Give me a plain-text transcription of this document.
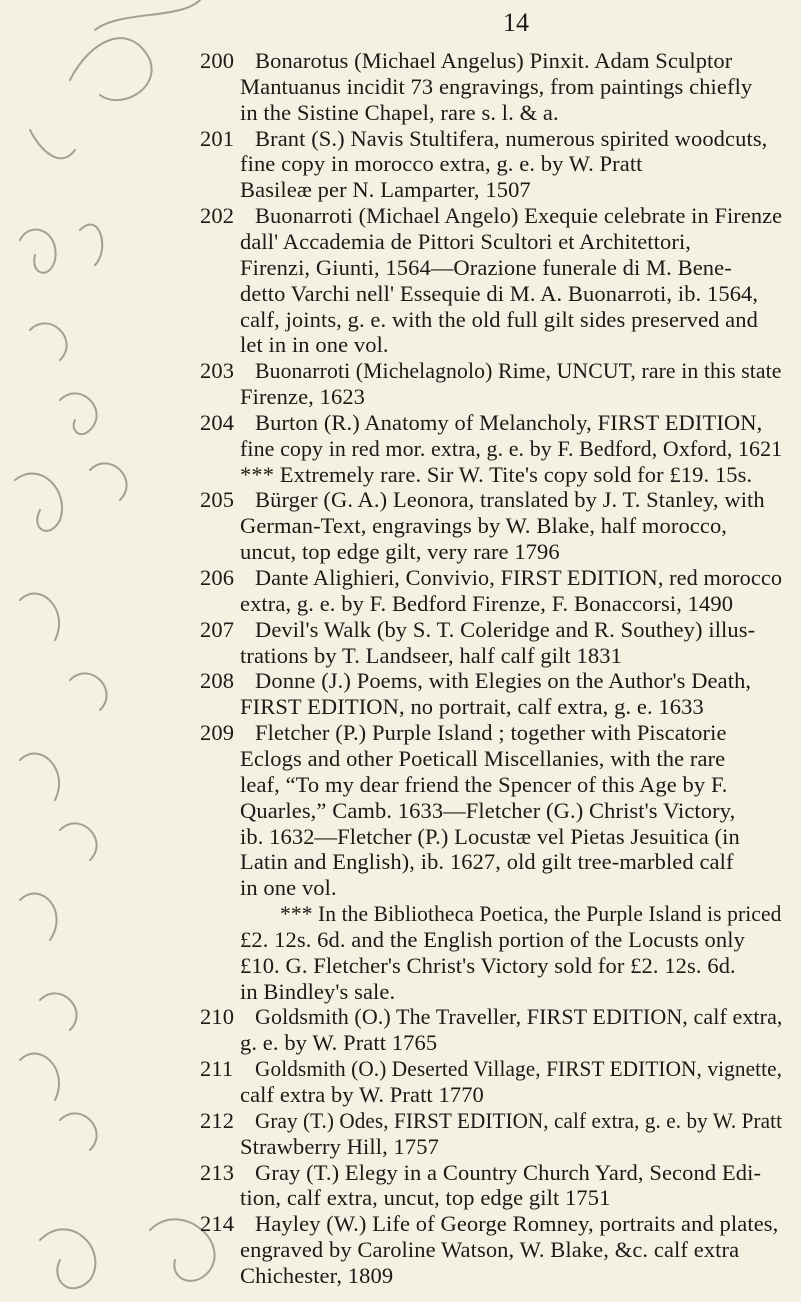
14
200 Bonarotus (Michael Angelus) Pinxit. Adam Sculptor
Mantuanus incidit 73 engravings, from paintings chiefly
in the Sistine Chapel, rare s. l. & a.
201 Brant (S.) Navis Stultifera, numerous spirited woodcuts,
fine copy in morocco extra, g. e. by W. Pratt
Basileæ per N. Lamparter, 1507
202 Buonarroti (Michael Angelo) Exequie celebrate in Firenze
dall' Accademia de Pittori Scultori et Architettori,
Firenzi, Giunti, 1564—Orazione funerale di M. Bene-
detto Varchi nell' Essequie di M. A. Buonarroti, ib. 1564,
calf, joints, g. e. with the old full gilt sides preserved and
let in in one vol.
203 Buonarroti (Michelagnolo) Rime, UNCUT, rare in this state
Firenze, 1623
204 Burton (R.) Anatomy of Melancholy, FIRST EDITION,
fine copy in red mor. extra, g. e. by F. Bedford, Oxford, 1621
*** Extremely rare. Sir W. Tite's copy sold for £19. 15s.
205 Bürger (G. A.) Leonora, translated by J. T. Stanley, with
German-Text, engravings by W. Blake, half morocco,
uncut, top edge gilt, very rare 1796
206 Dante Alighieri, Convivio, FIRST EDITION, red morocco
extra, g. e. by F. Bedford Firenze, F. Bonaccorsi, 1490
207 Devil's Walk (by S. T. Coleridge and R. Southey) illus-
trations by T. Landseer, half calf gilt 1831
208 Donne (J.) Poems, with Elegies on the Author's Death,
FIRST EDITION, no portrait, calf extra, g. e. 1633
209 Fletcher (P.) Purple Island ; together with Piscatorie
Eclogs and other Poeticall Miscellanies, with the rare
leaf, “To my dear friend the Spencer of this Age by F.
Quarles,” Camb. 1633—Fletcher (G.) Christ's Victory,
ib. 1632—Fletcher (P.) Locustæ vel Pietas Jesuitica (in
Latin and English), ib. 1627, old gilt tree-marbled calf
in one vol.
*** In the Bibliotheca Poetica, the Purple Island is priced
£2. 12s. 6d. and the English portion of the Locusts only
£10. G. Fletcher's Christ's Victory sold for £2. 12s. 6d.
in Bindley's sale.
210 Goldsmith (O.) The Traveller, FIRST EDITION, calf extra,
g. e. by W. Pratt 1765
211 Goldsmith (O.) Deserted Village, FIRST EDITION, vignette,
calf extra by W. Pratt 1770
212 Gray (T.) Odes, FIRST EDITION, calf extra, g. e. by W. Pratt
Strawberry Hill, 1757
213 Gray (T.) Elegy in a Country Church Yard, Second Edi-
tion, calf extra, uncut, top edge gilt 1751
214 Hayley (W.) Life of George Romney, portraits and plates,
engraved by Caroline Watson, W. Blake, &c. calf extra
Chichester, 1809
